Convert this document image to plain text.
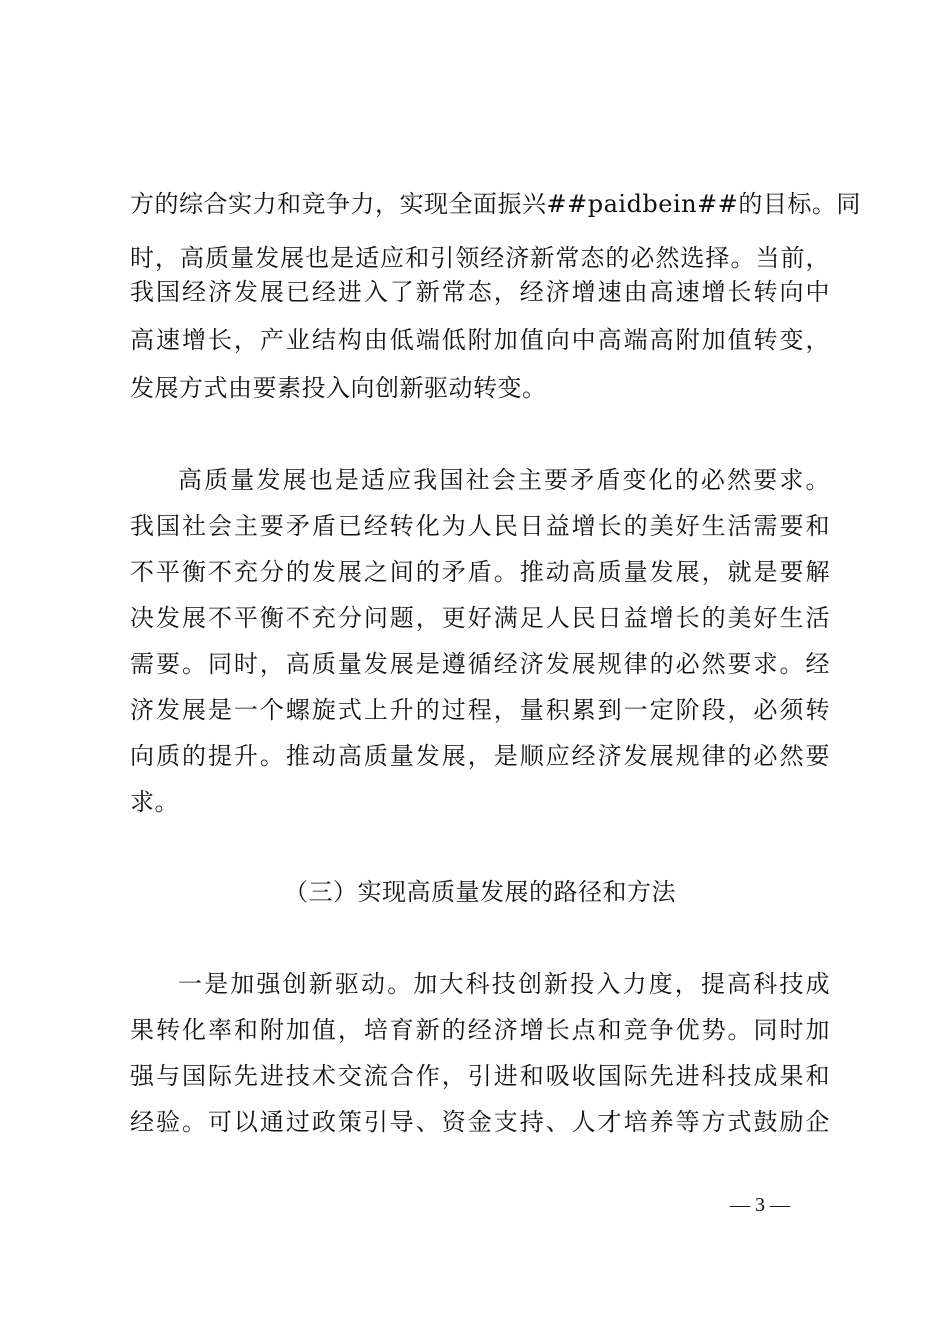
方的综合实力和竞争力，实现全面振兴##paidbein##的目标。同
时，高质量发展也是适应和引领经济新常态的必然选择。当前，
我国经济发展已经进入了新常态，经济增速由高速增长转向中
高速增长，产业结构由低端低附加值向中高端高附加值转变，
发展方式由要素投入向创新驱动转变。
高质量发展也是适应我国社会主要矛盾变化的必然要求。
我国社会主要矛盾已经转化为人民日益增长的美好生活需要和
不平衡不充分的发展之间的矛盾。推动高质量发展，就是要解
决发展不平衡不充分问题，更好满足人民日益增长的美好生活
需要。同时，高质量发展是遵循经济发展规律的必然要求。经
济发展是一个螺旋式上升的过程，量积累到一定阶段，必须转
向质的提升。推动高质量发展，是顺应经济发展规律的必然要
求。
（三）实现高质量发展的路径和方法
一是加强创新驱动。加大科技创新投入力度，提高科技成
果转化率和附加值，培育新的经济增长点和竞争优势。同时加
强与国际先进技术交流合作，引进和吸收国际先进科技成果和
经验。可以通过政策引导、资金支持、人才培养等方式鼓励企
— 3 —
